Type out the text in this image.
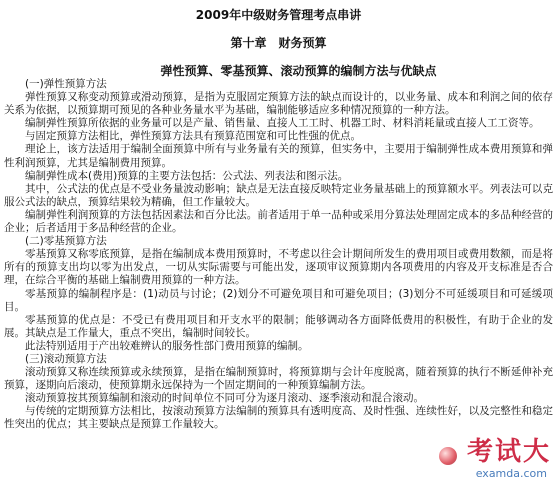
2009年中级财务管理考点串讲
第十章　财务预算
弹性预算、零基预算、滚动预算的编制方法与优缺点

(一)弹性预算方法

弹性预算又称变动预算或滑动预算，是指为克服固定预算方法的缺点而设计的，以业务量、成本和利润之间的依存关系为依据，以预算期可预见的各种业务量水平为基础，编制能够适应多种情况预算的一种方法。

编制弹性预算所依据的业务量可以是产量、销售量、直接人工工时、机器工时、材料消耗量或直接人工工资等。

与固定预算方法相比，弹性预算方法具有预算范围宽和可比性强的优点。

理论上，该方法适用于编制全面预算中所有与业务量有关的预算，但实务中，主要用于编制弹性成本费用预算和弹性利润预算，尤其是编制费用预算。

编制弹性成本(费用)预算的主要方法包括：公式法、列表法和图示法。

其中，公式法的优点是不受业务量波动影响；缺点是无法直接反映特定业务量基础上的预算额水平。列表法可以克服公式法的缺点，预算结果较为精确，但工作量较大。

编制弹性利润预算的方法包括因素法和百分比法。前者适用于单一品种或采用分算法处理固定成本的多品种经营的企业；后者适用于多品种经营的企业。

(二)零基预算方法

零基预算又称零底预算，是指在编制成本费用预算时，不考虑以往会计期间所发生的费用项目或费用数额，而是将所有的预算支出均以零为出发点，一切从实际需要与可能出发，逐项审议预算期内各项费用的内容及开支标准是否合理，在综合平衡的基础上编制费用预算的一种方法。

零基预算的编制程序是：(1)动员与讨论；(2)划分不可避免项目和可避免项目；(3)划分不可延缓项目和可延缓项目。

零基预算的优点是：不受已有费用项目和开支水平的限制；能够调动各方面降低费用的积极性，有助于企业的发展。其缺点是工作量大，重点不突出，编制时间较长。

此法特别适用于产出较难辨认的服务性部门费用预算的编制。

(三)滚动预算方法

滚动预算又称连续预算或永续预算，是指在编制预算时，将预算期与会计年度脱离，随着预算的执行不断延伸补充预算，逐期向后滚动，使预算期永远保持为一个固定期间的一种预算编制方法。

滚动预算按其预算编制和滚动的时间单位不同可分为逐月滚动、逐季滚动和混合滚动。

与传统的定期预算方法相比，按滚动预算方法编制的预算具有透明度高、及时性强、连续性好，以及完整性和稳定性突出的优点；其主要缺点是预算工作量较大。

考试大
examda.com
